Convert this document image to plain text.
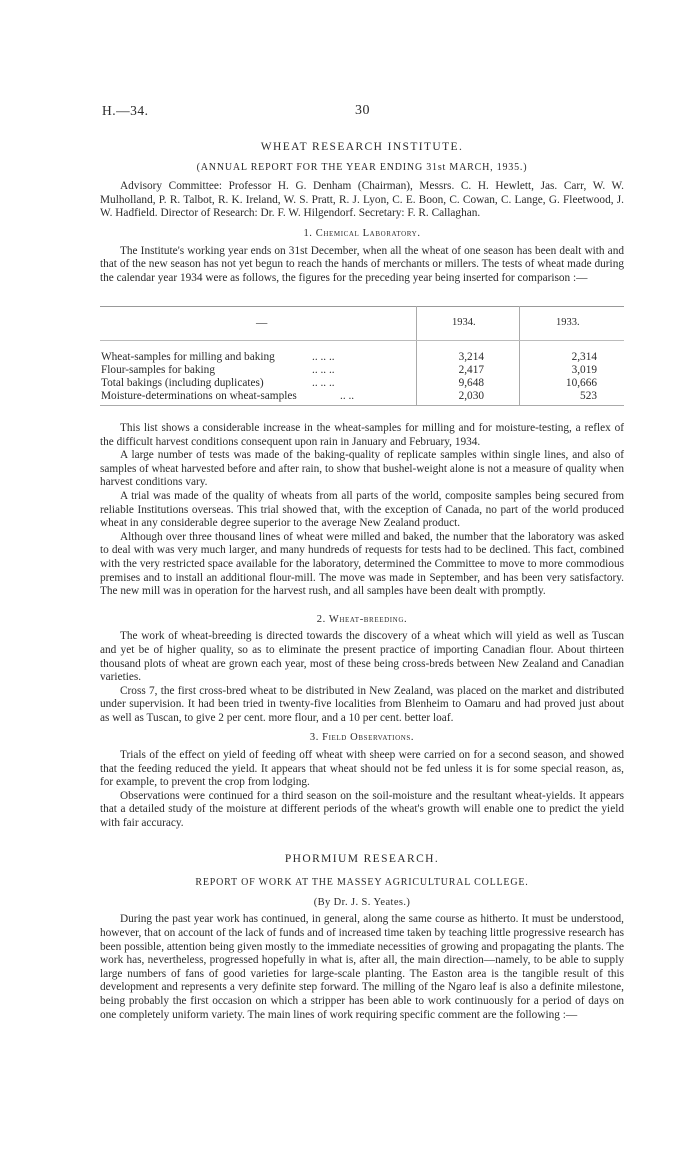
H.—34.	30
WHEAT RESEARCH INSTITUTE.
(ANNUAL REPORT FOR THE YEAR ENDING 31st MARCH, 1935.)

Advisory Committee: Professor H. G. Denham (Chairman), Messrs. C. H. Hewlett, Jas. Carr, W. W. Mulholland, P. R. Talbot, R. K. Ireland, W. S. Pratt, R. J. Lyon, C. E. Boon, C. Cowan, C. Lange, G. Fleetwood, J. W. Hadfield. Director of Research: Dr. F. W. Hilgendorf. Secretary: F. R. Callaghan.

1. Chemical Laboratory.

The Institute's working year ends on 31st December, when all the wheat of one season has been dealt with and that of the new season has not yet begun to reach the hands of merchants or millers. The tests of wheat made during the calendar year 1934 were as follows, the figures for the preceding year being inserted for comparison :—

—	1934.	1933.
Wheat-samples for milling and baking	.. .. ..	3,214	2,314
Flour-samples for baking	.. .. ..	2,417	3,019
Total bakings (including duplicates)	.. .. ..	9,648	10,666
Moisture-determinations on wheat-samples	.. ..	2,030	523

This list shows a considerable increase in the wheat-samples for milling and for moisture-testing, a reflex of the difficult harvest conditions consequent upon rain in January and February, 1934.

A large number of tests was made of the baking-quality of replicate samples within single lines, and also of samples of wheat harvested before and after rain, to show that bushel-weight alone is not a measure of quality when harvest conditions vary.

A trial was made of the quality of wheats from all parts of the world, composite samples being secured from reliable Institutions overseas. This trial showed that, with the exception of Canada, no part of the world produced wheat in any considerable degree superior to the average New Zealand product.

Although over three thousand lines of wheat were milled and baked, the number that the laboratory was asked to deal with was very much larger, and many hundreds of requests for tests had to be declined. This fact, combined with the very restricted space available for the laboratory, determined the Committee to move to more commodious premises and to install an additional flour-mill. The move was made in September, and has been very satisfactory. The new mill was in operation for the harvest rush, and all samples have been dealt with promptly.

2. Wheat-breeding.

The work of wheat-breeding is directed towards the discovery of a wheat which will yield as well as Tuscan and yet be of higher quality, so as to eliminate the present practice of importing Canadian flour. About thirteen thousand plots of wheat are grown each year, most of these being cross-breds between New Zealand and Canadian varieties.

Cross 7, the first cross-bred wheat to be distributed in New Zealand, was placed on the market and distributed under supervision. It had been tried in twenty-five localities from Blenheim to Oamaru and had proved just about as well as Tuscan, to give 2 per cent. more flour, and a 10 per cent. better loaf.

3. Field Observations.

Trials of the effect on yield of feeding off wheat with sheep were carried on for a second season, and showed that the feeding reduced the yield. It appears that wheat should not be fed unless it is for some special reason, as, for example, to prevent the crop from lodging.

Observations were continued for a third season on the soil-moisture and the resultant wheat-yields. It appears that a detailed study of the moisture at different periods of the wheat's growth will enable one to predict the yield with fair accuracy.

PHORMIUM RESEARCH.
REPORT OF WORK AT THE MASSEY AGRICULTURAL COLLEGE.
(By Dr. J. S. Yeates.)

During the past year work has continued, in general, along the same course as hitherto. It must be understood, however, that on account of the lack of funds and of increased time taken by teaching little progressive research has been possible, attention being given mostly to the immediate necessities of growing and propagating the plants. The work has, nevertheless, progressed hopefully in what is, after all, the main direction—namely, to be able to supply large numbers of fans of good varieties for large-scale planting. The Easton area is the tangible result of this development and represents a very definite step forward. The milling of the Ngaro leaf is also a definite milestone, being probably the first occasion on which a stripper has been able to work continuously for a period of days on one completely uniform variety. The main lines of work requiring specific comment are the following :—
